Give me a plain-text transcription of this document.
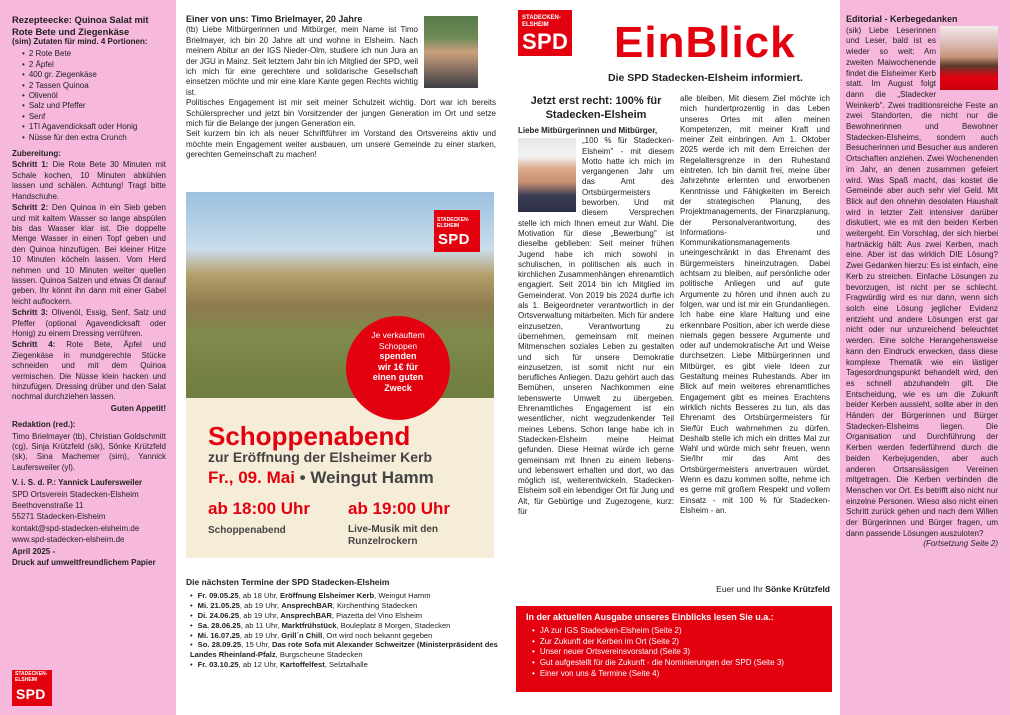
Rezepteecke: Quinoa Salat mit Rote Bete und Ziegenkäse

(sim) Zutaten für mind. 4 Portionen:

• 2 Rote Bete
• 2 Äpfel
• 400 gr. Ziegenkäse
• 2 Tassen Quinoa
• Olivenöl
• Salz und Pfeffer
• Senf
• 1Tl Agavendicksaft oder Honig
• Nüsse für den extra Crunch

Zubereitung:

Schritt 1: Die Rote Bete 30 Minuten mit Schale kochen, 10 Minuten abkühlen lassen und schälen. Achtung! Tragt bitte Handschuhe.

Schritt 2: Den Quinoa in ein Sieb geben und mit kaltem Wasser so lange abspülen bis das Wasser klar ist. Die doppelte Menge Wasser in einen Topf geben und den Quinoa hinzufügen. Bei kleiner Hitze 10 Minuten köcheln lassen. Vom Herd nehmen und 10 Minuten weiter quellen lassen. Quinoa Salzen und etwas Öl darauf geben. Ihr könnt ihn dann mit einer Gabel leicht auflockern.

Schritt 3: Olivenöl, Essig, Senf, Salz und Pfeffer (optional Agavendicksaft oder Honig) zu einem Dressing verrühren.

Schritt 4: Rote Bete, Äpfel und Ziegenkäse in mundgerechte Stücke schneiden und mit dem Quinoa vermischen. Die Nüsse klein hacken und hinzufügen. Dressing drüber und den Salat nochmal durchziehen lassen.

Guten Appetit!

Redaktion (red.):

Timo Brielmayer (tb), Christian Goldschmitt (cg), Sinja Krützfeld (sik), Sönke Krützfeld (sk), Sina Machemer (sim), Yannick Laufersweiler (yl).

V. i. S. d. P.: Yannick Laufersweiler

SPD Ortsverein Stadecken-Elsheim

Beethovenstraße 11

55271 Stadecken-Elsheim

kontakt@spd-stadecken-elsheim.de

www.spd-stadecken-elsheim.de

April 2025 -

Druck auf umweltfreundlichem Papier

STADECKEN-ELSHEIM
SPD
Einer von uns: Timo Brielmayer, 20 Jahre

(tb) Liebe Mitbürgerinnen und Mitbürger, mein Name ist Timo Brielmayer, ich bin 20 Jahre alt und wohne in Elsheim. Nach meinem Abitur an der IGS Nieder-Olm, studiere ich nun Jura an der JGU in Mainz. Seit letztem Jahr bin ich Mitglied der SPD, weil ich mich für eine gerechtere und solidarische Gesellschaft einsetzen möchte und mir eine klare Kante gegen Rechts wichtig ist.

Politisches Engagement ist mir seit meiner Schulzeit wichtig. Dort war ich bereits Schülersprecher und jetzt bin Vorsitzender der jungen Generation im Ort und setze mich für die Belange der jungen Generation ein.

Seit kurzem bin ich als neuer Schriftführer im Vorstand des Ortsvereins aktiv und möchte mein Engagement weiter ausbauen, um unsere Gemeinde zu einer starken, gerechten Gemeinschaft zu machen!

STADECKEN-ELSHEIM
SPD
Je verkauftem
Schoppen
spenden
wir 1€ für
einen guten
Zweck
Schoppenabend
zur Eröffnung der Elsheimer Kerb
Fr., 09. Mai • Weingut Hamm
ab 18:00 Uhr
Schoppenabend
ab 19:00 Uhr
Live-Musik mit den
Runzelrockern
Die nächsten Termine der SPD Stadecken-Elsheim
• Fr. 09.05.25, ab 18 Uhr, Eröffnung Elsheimer Kerb, Weingut Hamm
• Mi. 21.05.25, ab 19 Uhr, AnsprechBAR, Kirchenthing Stadecken
• Di. 24.06.25, ab 19 Uhr, AnsprechBAR, Piazetta del Vino Elsheim
• Sa. 28.06.25, ab 11 Uhr, Marktfrühstück, Bouleplatz 8 Morgen, Stadecken
• Mi. 16.07.25, ab 19 Uhr, Grill´n Chill, Ort wird noch bekannt gegeben
• So. 28.09.25, 15 Uhr, Das rote Sofa mit Alexander Schweitzer (Ministerpräsident des Landes Rheinland-Pfalz, Burgscheune Stadecken
• Fr. 03.10.25, ab 12 Uhr, Kartoffelfest, Selztalhalle
STADECKEN-ELSHEIM
SPD EinBlick
Die SPD Stadecken-Elsheim informiert.
Jetzt erst recht: 100% für Stadecken-Elsheim

Liebe Mitbürgerinnen und Mitbürger,

„100 % für Stadecken-Elsheim" - mit diesem Motto hatte ich mich im vergangenen Jahr um das Amt des Ortsbürgermeisters beworben. Und mit diesem Versprechen stelle ich mich Ihnen erneut zur Wahl. Die Motivation für diese „Bewerbung" ist dieselbe geblieben: Seit meiner frühen Jugend habe ich mich sowohl in schulischen, in politischen als auch in kirchlichen Zusammenhängen ehrenamtlich engagiert. Seit 2014 bin ich Mitglied im Gemeinderat. Von 2019 bis 2024 durfte ich als 1. Beigeordneter verantwortlich in der Ortsverwaltung mitarbeiten. Mich für andere einzusetzen, Verantwortung zu übernehmen, gemeinsam mit meinen Mitmenschen soziales Leben zu gestalten und sich für unsere Demokratie einzusetzen, ist somit nicht nur ein berufliches Anliegen. Dazu gehört auch das Bemühen, unseren Nachkommen eine lebenswerte Umwelt zu übergeben. Ehrenamtliches Engagement ist ein wesentlicher, nicht wegzudenkender Teil meines Lebens. Schon lange habe ich in Stadecken-Elsheim meine Heimat gefunden. Diese Heimat würde ich gerne gemeinsam mit Ihnen zu einem liebens- und lebenswert erhalten und dort, wo das möglich ist, weiterentwickeln. Stadecken-Elsheim soll ein lebendiger Ort für Jung und Alt, für Gebürtige und Zugezogene, kurz: für

alle bleiben. Mit diesem Ziel möchte ich mich hundertprozentig in das Leben unseres Ortes mit allen meinen Kompetenzen, mit meiner Kraft und meiner Zeit einbringen. Am 1. Oktober 2025 werde ich mit dem Erreichen der Regelaltersgrenze in den Ruhestand eintreten. Ich bin damit frei, meine über Jahrzehnte erlernten und erworbenen Kenntnisse und Fähigkeiten im Bereich der strategischen Planung, des Projektmanagements, der Finanzplanung, der Personalverantwortung, des Informations- und Kommunikationsmanagements uneingeschränkt in das Ehrenamt des Bürgermeisters hineinzutragen. Dabei achtsam zu bleiben, auf persönliche oder politische Anliegen und auf gute Argumente zu hören und ihnen auch zu folgen, war und ist mir ein Grundanliegen. Ich habe eine klare Haltung und eine erkennbare Position, aber ich werde diese niemals gegen bessere Argumente und oder auf undemokratische Art und Weise durchsetzen. Liebe Mitbürgerinnen und Mitbürger, es gibt viele Ideen zur Gestaltung meines Ruhestands. Aber im Blick auf mein weiteres ehrenamtliches Engagement gibt es meines Erachtens wirklich nichts Besseres zu tun, als das Ehrenamt des Ortsbürgermeisters für Sie/für Euch wahrnehmen zu dürfen. Deshalb stelle ich mich ein drittes Mal zur Wahl und würde mich sehr freuen, wenn Sie/Ihr mir das Amt des Ortsbürgermeisters anvertrauen würdet. Wenn es dazu kommen sollte, nehme ich es gerne mit großem Respekt und vollem Einsatz - mit 100 % für Stadecken-Elsheim - an.

Euer und Ihr Sönke Krützfeld
In der aktuellen Ausgabe unseres Einblicks lesen Sie u.a.:
• JA zur IGS Stadecken-Elsheim (Seite 2)
• Zur Zukunft der Kerben im Ort (Seite 2)
• Unser neuer Ortsvereinsvorstand (Seite 3)
• Gut aufgestellt für die Zukunft - die Nominierungen der SPD (Seite 3)
• Einer von uns & Termine (Seite 4)
Editorial - Kerbegedanken

(sik) Liebe Leserinnen und Leser, bald ist es wieder so weit: Am zweiten Maiwochenende findet die Elsheimer Kerb statt. Im August folgt dann die „Stadecker Weinkerb". Zwei traditionsreiche Feste an zwei Standorten, die nicht nur die Bewohnerinnen und Bewohner Stadecken-Elsheims, sondern auch Besucherinnen und Besucher aus anderen Ortschaften anziehen. Zwei Wochenenden im Jahr, an denen zusammen gefeiert wird. Was Spaß macht, das kostet die Gemeinde aber auch sehr viel Geld. Mit Blick auf den ohnehin desolaten Haushalt wird in letzter Zeit intensiver darüber diskutiert, wie es mit den beiden Kerben weitergeht. Ein Vorschlag, der sich hierbei hartnäckig hält: Aus zwei Kerben, mach eine. Aber ist das wirklich DIE Lösung? Zwei Gedanken hierzu: Es ist einfach, eine Kerb zu streichen. Einfache Lösungen zu bevorzugen, ist nicht per se schlecht. Fragwürdig wird es nur dann, wenn sich solch eine Lösung jeglicher Evidenz entzieht und andere Lösungen erst gar nicht oder nur unzureichend beleuchtet werden. Eine solche Herangehensweise kann den Eindruck erwecken, dass diese komplexe Thematik wie ein lästiger Tagesordnungspunkt behandelt wird, den es schnell abzuhandeln gilt. Die Entscheidung, wie es um die Zukunft beider Kerben aussieht, sollte aber in den Händen der Bürgerinnen und Bürger Stadecken-Elsheims liegen. Die Organisation und Durchführung der Kerben werden federführend durch die beiden Kerbejugenden, aber auch anderen Ortsansässigen Vereinen mitgetragen. Die Kerben verbinden die Menschen vor Ort. Es betrifft also nicht nur einzelne Personen. Wieso also nicht einen Schritt zurück gehen und nach dem Willen der Bürgerinnen und Bürger fragen, um dann passende Lösungen auszuloten?

(Fortsetzung Seite 2)
